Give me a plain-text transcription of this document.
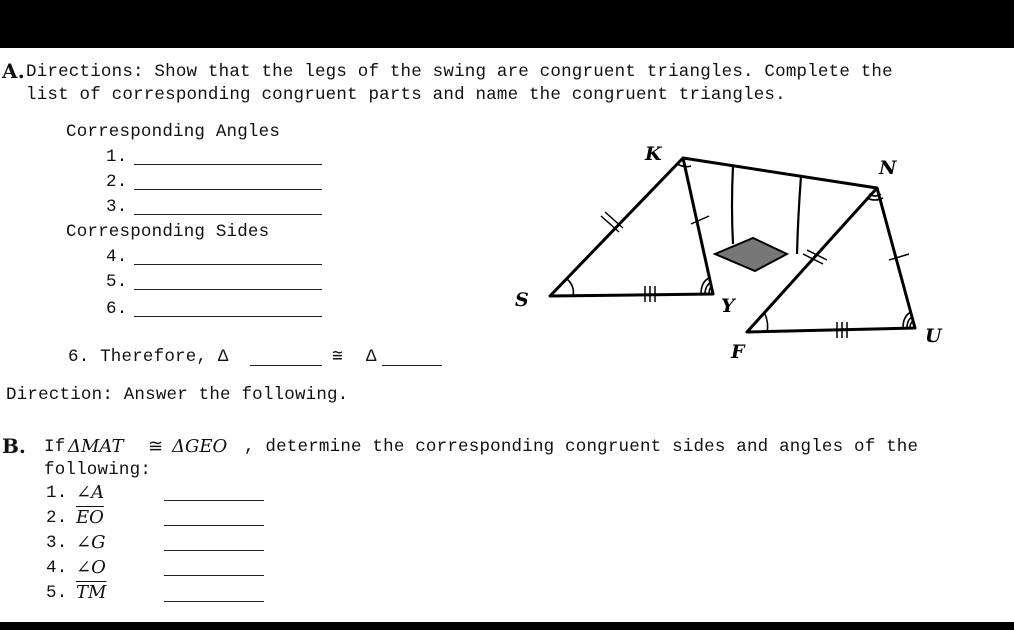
A. Directions: Show that the legs of the swing are congruent triangles. Complete the
list of corresponding congruent parts and name the congruent triangles.
Corresponding Angles
1.
2.
3.
Corresponding Sides
4.
5.
6.
6. Therefore, Δ	≅ Δ
K
N
S	Y
F
U
Direction: Answer the following.
B. If ΔMAT ≅ ΔGEO , determine the corresponding congruent sides and angles of the
following:
1. ∠A
2. $\overline{EO}$
3. ∠G
4. ∠O
5. $\overline{TM}$
